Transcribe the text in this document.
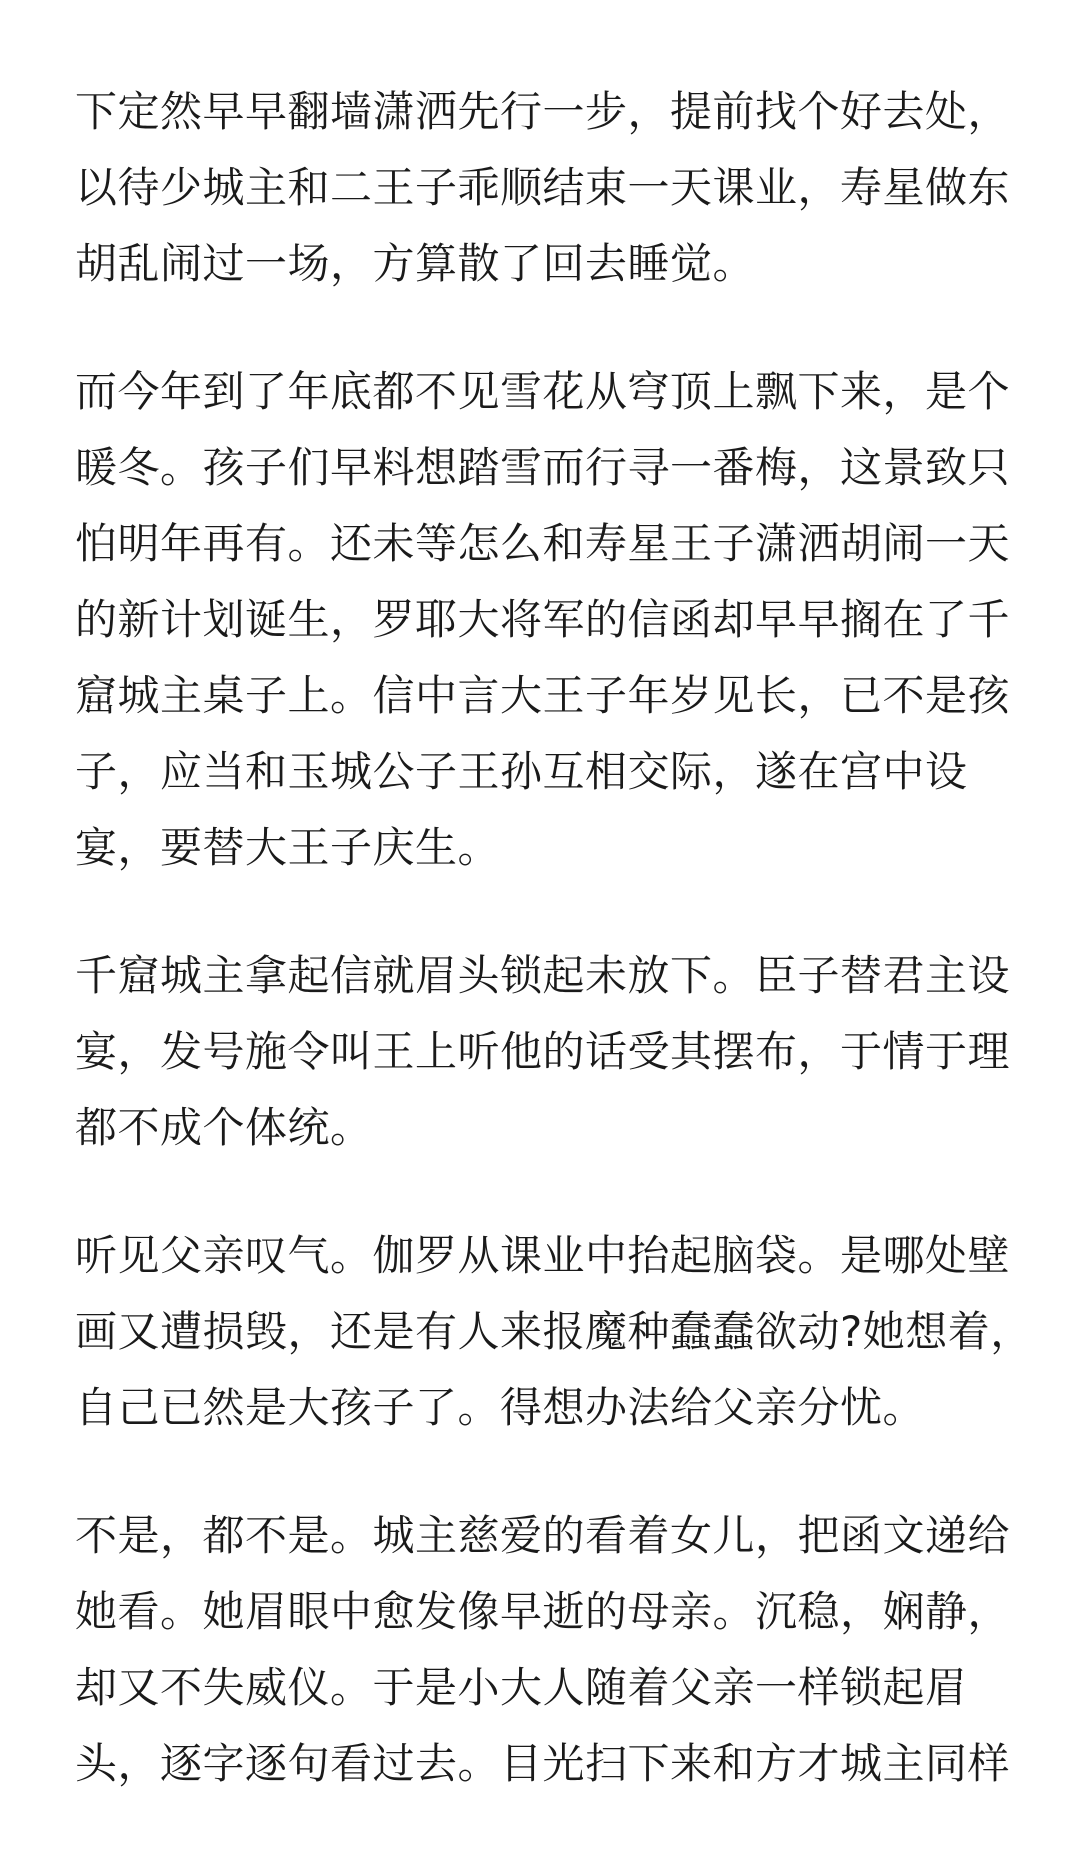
下定然早早翻墙潇洒先行一步，提前找个好去处，
以待少城主和二王子乖顺结束一天课业，寿星做东
胡乱闹过一场，方算散了回去睡觉。
而今年到了年底都不见雪花从穹顶上飘下来，是个
暖冬。孩子们早料想踏雪而行寻一番梅，这景致只
怕明年再有。还未等怎么和寿星王子潇洒胡闹一天
的新计划诞生，罗耶大将军的信函却早早搁在了千
窟城主桌子上。信中言大王子年岁见长，已不是孩
子，应当和玉城公子王孙互相交际，遂在宫中设
宴，要替大王子庆生。
千窟城主拿起信就眉头锁起未放下。臣子替君主设
宴，发号施令叫王上听他的话受其摆布，于情于理
都不成个体统。
听见父亲叹气。伽罗从课业中抬起脑袋。是哪处壁
画又遭损毁，还是有人来报魔种蠢蠢欲动?她想着，
自己已然是大孩子了。得想办法给父亲分忧。
不是，都不是。城主慈爱的看着女儿，把函文递给
她看。她眉眼中愈发像早逝的母亲。沉稳，娴静，
却又不失威仪。于是小大人随着父亲一样锁起眉
头，逐字逐句看过去。目光扫下来和方才城主同样
